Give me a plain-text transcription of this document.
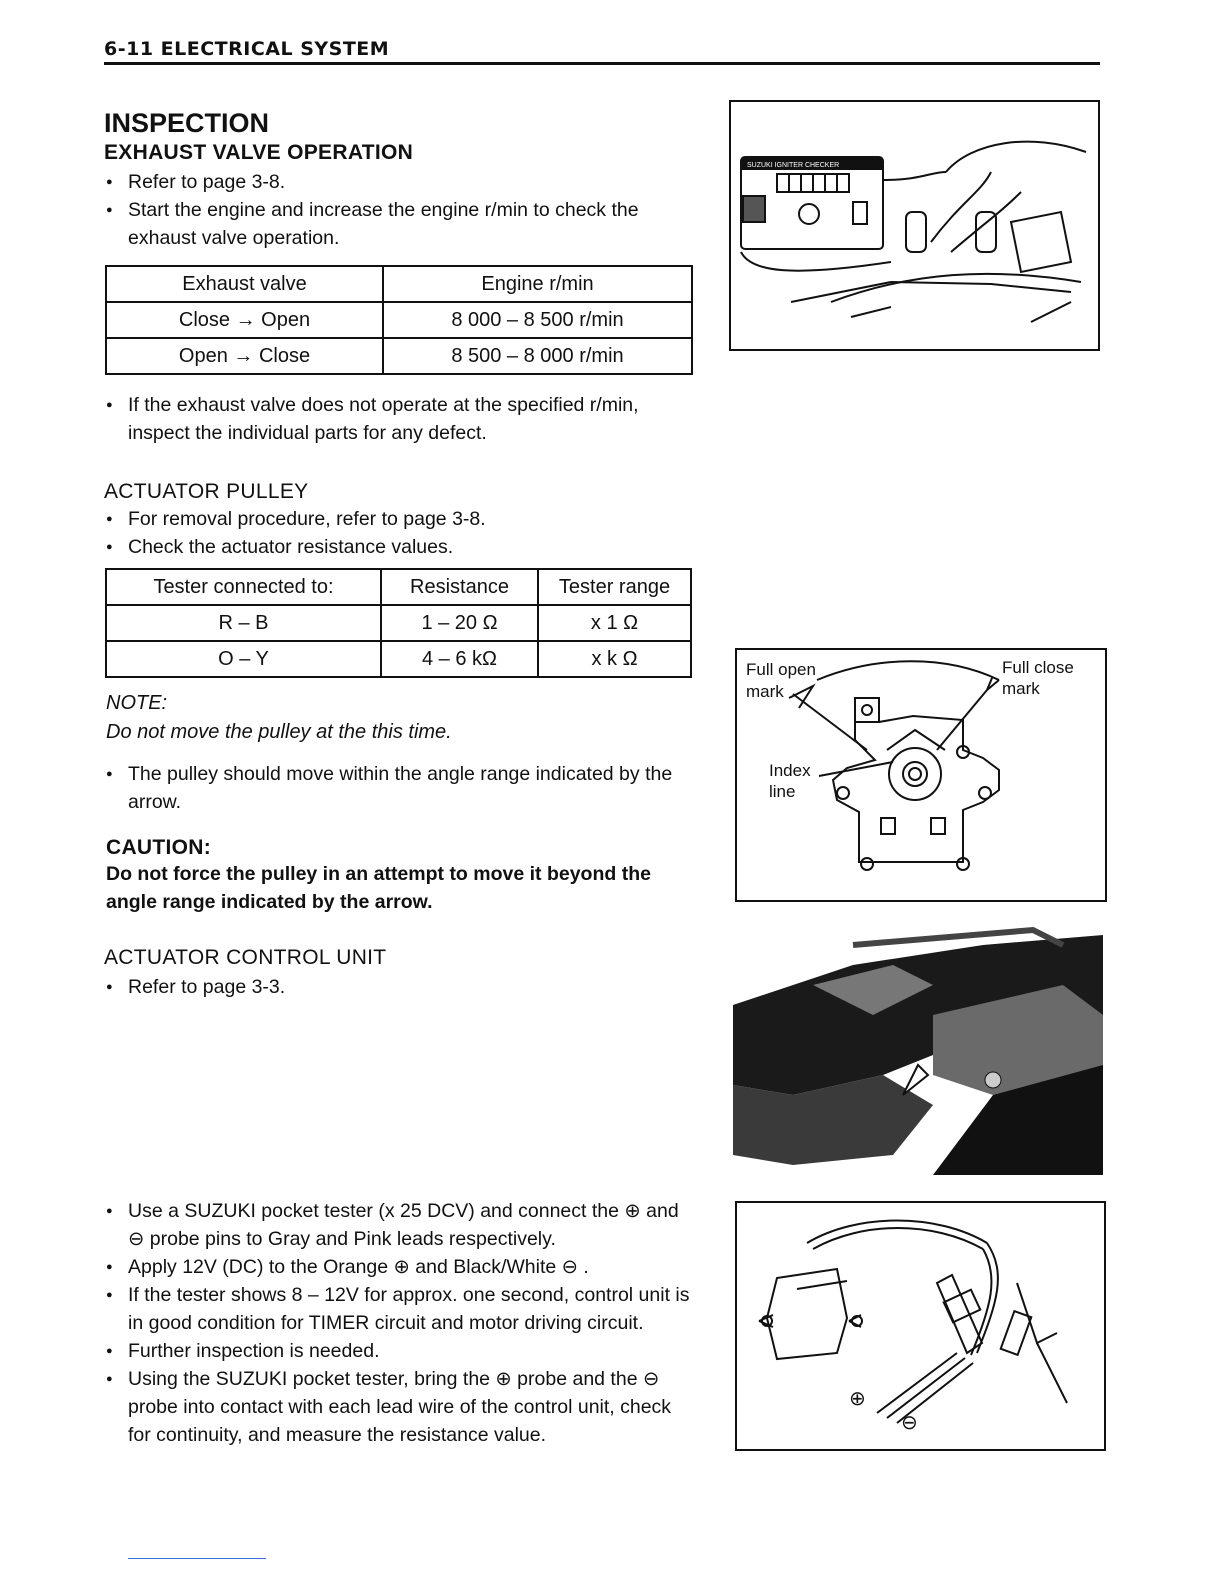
6-11 ELECTRICAL SYSTEM
INSPECTION
EXHAUST VALVE OPERATION

● Refer to page 3-8.

● Start the engine and increase the engine r/min to check the exhaust valve operation.

Exhaust valve	Engine r/min
Close → Open	8 000 – 8 500 r/min
Open → Close	8 500 – 8 000 r/min

● If the exhaust valve does not operate at the specified r/min, inspect the individual parts for any defect.

ACTUATOR PULLEY

● For removal procedure, refer to page 3-8.

● Check the actuator resistance values.

Tester connected to:	Resistance	Tester range
R – B	1 – 20 Ω	x 1 Ω
O – Y	4 – 6 kΩ	x k Ω
NOTE:
Do not move the pulley at the this time.

● The pulley should move within the angle range indicated by the arrow.

CAUTION:
Do not force the pulley in an attempt to move it beyond the angle range indicated by the arrow.
ACTUATOR CONTROL UNIT

● Refer to page 3-3.

● Use a SUZUKI pocket tester (x 25 DCV) and connect the ⊕ and ⊖ probe pins to Gray and Pink leads respectively.

● Apply 12V (DC) to the Orange ⊕ and Black/White ⊖ .

● If the tester shows 8 – 12V for approx. one second, control unit is in good condition for TIMER circuit and motor driving circuit.

● Further inspection is needed.

● Using the SUZUKI pocket tester, bring the ⊕ probe and the ⊖ probe into contact with each lead wire of the control unit, check for continuity, and measure the resistance value.

SUZUKI IGNITER CHECKER
Full open
mark
Full close
mark
Index
line
⊕
⊖
